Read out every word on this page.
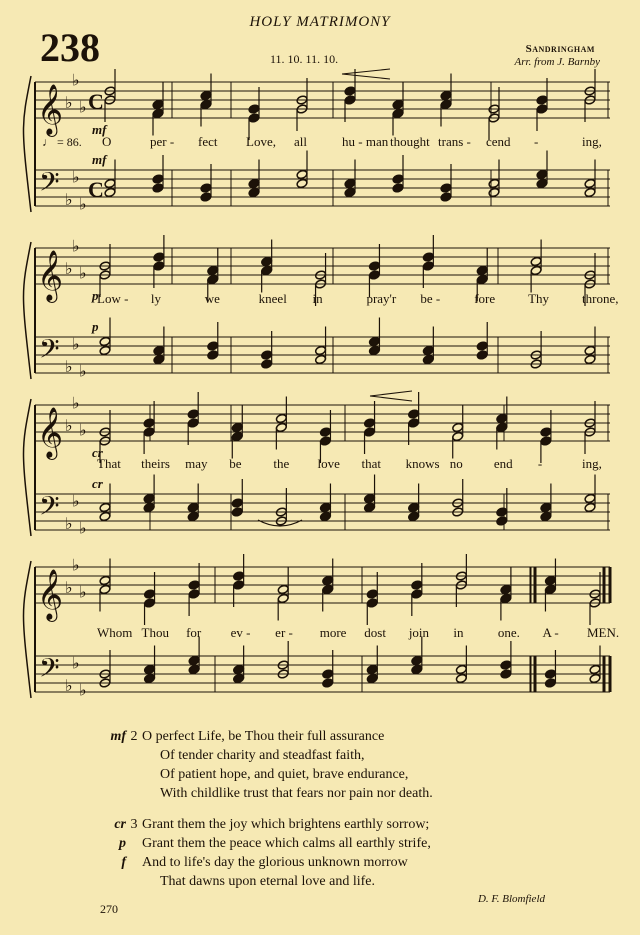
238
HOLY MATRIMONY
11. 10. 11. 10.
Sandringham
Arr. from J. Barnby
𝄞
𝄢
♭
♭
♭
♭
♭
♭
C
C
O	per - fect Love, all	hu - man thought trans - cend -	ing,
mf
mf
𝄞
𝄢
♭
♭
♭
♭
♭
♭
Low - ly	we	kneel in	pray'r be -	fore	Thy	throne,
p
p
𝄞
𝄢
♭
♭
♭
♭
♭
♭
That theirs may be the love that knows no end -	ing,
cr
cr
𝄞
𝄢
♭
♭
♭
♭
♭
♭
Whom Thou for ev - er - more dost join in	one. A - MEN.
♩ = 86.
mf 2 O perfect Life, be Thou their full assurance
Of tender charity and steadfast faith,
Of patient hope, and quiet, brave endurance,
With childlike trust that fears nor pain nor death.
cr 3 Grant them the joy which brightens earthly sorrow;
p Grant them the peace which calms all earthly strife,
f And to life's day the glorious unknown morrow
That dawns upon eternal love and life.
D. F. Blomfield
270
